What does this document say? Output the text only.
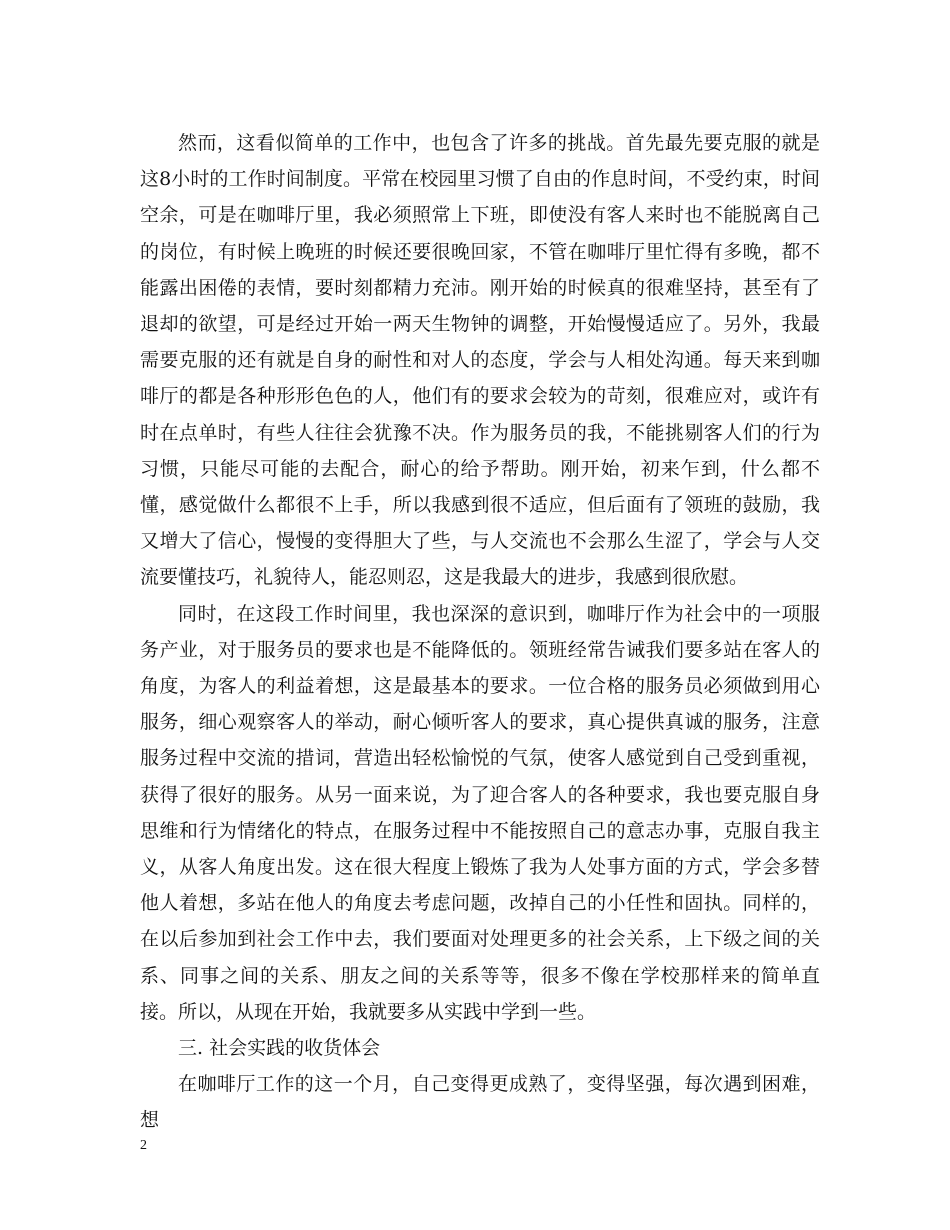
然而，这看似简单的工作中，也包含了许多的挑战。首先最先要克服的就是这8小时的工作时间制度。平常在校园里习惯了自由的作息时间，不受约束，时间空余，可是在咖啡厅里，我必须照常上下班，即使没有客人来时也不能脱离自己的岗位，有时候上晚班的时候还要很晚回家，不管在咖啡厅里忙得有多晚，都不能露出困倦的表情，要时刻都精力充沛。刚开始的时候真的很难坚持，甚至有了退却的欲望，可是经过开始一两天生物钟的调整，开始慢慢适应了。另外，我最需要克服的还有就是自身的耐性和对人的态度，学会与人相处沟通。每天来到咖啡厅的都是各种形形色色的人，他们有的要求会较为的苛刻，很难应对，或许有时在点单时，有些人往往会犹豫不决。作为服务员的我，不能挑剔客人们的行为习惯，只能尽可能的去配合，耐心的给予帮助。刚开始，初来乍到，什么都不懂，感觉做什么都很不上手，所以我感到很不适应，但后面有了领班的鼓励，我又增大了信心，慢慢的变得胆大了些，与人交流也不会那么生涩了，学会与人交流要懂技巧，礼貌待人，能忍则忍，这是我最大的进步，我感到很欣慰。

同时，在这段工作时间里，我也深深的意识到，咖啡厅作为社会中的一项服务产业，对于服务员的要求也是不能降低的。领班经常告诫我们要多站在客人的角度，为客人的利益着想，这是最基本的要求。一位合格的服务员必须做到用心服务，细心观察客人的举动，耐心倾听客人的要求，真心提供真诚的服务，注意服务过程中交流的措词，营造出轻松愉悦的气氛，使客人感觉到自己受到重视，获得了很好的服务。从另一面来说，为了迎合客人的各种要求，我也要克服自身思维和行为情绪化的特点，在服务过程中不能按照自己的意志办事，克服自我主义，从客人角度出发。这在很大程度上锻炼了我为人处事方面的方式，学会多替他人着想，多站在他人的角度去考虑问题，改掉自己的小任性和固执。同样的，在以后参加到社会工作中去，我们要面对处理更多的社会关系，上下级之间的关系、同事之间的关系、朋友之间的关系等等，很多不像在学校那样来的简单直接。所以，从现在开始，我就要多从实践中学到一些。

三. 社会实践的收货体会

在咖啡厅工作的这一个月，自己变得更成熟了，变得坚强，每次遇到困难，想

2
